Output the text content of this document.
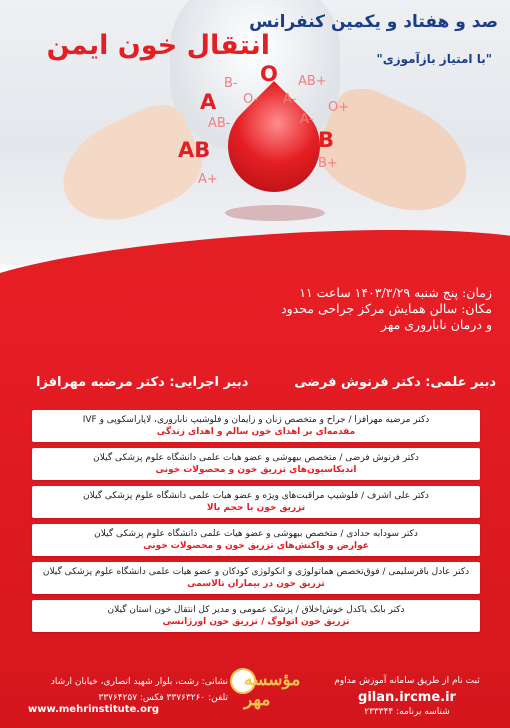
O
A
AB	B
B-
A-
O-
AB-
AB+
O+
A-
B+
A+
صد و هفتاد و یکمین کنفرانس
انتقال خون ایمن	"با امتیاز بازآموزی"
زمان: پنج شنبه ۱۴۰۳/۳/۲۹ ساعت ۱۱
مکان: سالن همایش مرکز جراحی محدود
و درمان ناباروری مهر
دبیر علمی: دکتر فرنوش فرضی
دبیر اجرایی: دکتر مرضیه مهرافزا
دکتر مرضیه مهرافزا / جراح و متخصص زنان و زایمان و فلوشیپ ناباروری، لاپاراسکوپی و IVF
مقدمه‌ای بر اهدای خون سالم و اهدای زندگی
دکتر فرنوش فرضی / متخصص بیهوشی و عضو هیات علمی دانشگاه علوم پزشکی گیلان
اندیکاسیون‌های تزریق خون و محصولات خونی
دکتر علی اشرف / فلوشیپ مراقبت‌های ویژه و عضو هیات علمی دانشگاه علوم پزشکی گیلان
تزریق خون با حجم بالا
دکتر سودابه حدادی / متخصص بیهوشی و عضو هیات علمی دانشگاه علوم پزشکی گیلان
عوارض و واکنش‌های تزریق خون و محصولات خونی
دکتر عادل باقرسلیمی / فوق‌تخصص هماتولوژی و انکولوژی کودکان و عضو هیات علمی دانشگاه علوم پزشکی گیلان
تزریق خون در بیماران تالاسمی
دکتر بابک یاکدل خوش‌اخلاق / پزشک عمومی و مدیر کل انتقال خون استان گیلان
تزریق خون اتولوگ / تزریق خون اورژانسی
ثبت نام از طریق سامانه آموزش مداوم
gilan.ircme.ir
شناسه برنامه: ۲۳۳۳۴۴
مؤسسه مهر
نشانی: رشت، بلوار شهید انصاری، خیابان ارشاد
تلفن: ۳۳۷۶۳۲۶۰ فکس: ۳۳۷۶۴۲۵۷
www.mehrinstitute.org
